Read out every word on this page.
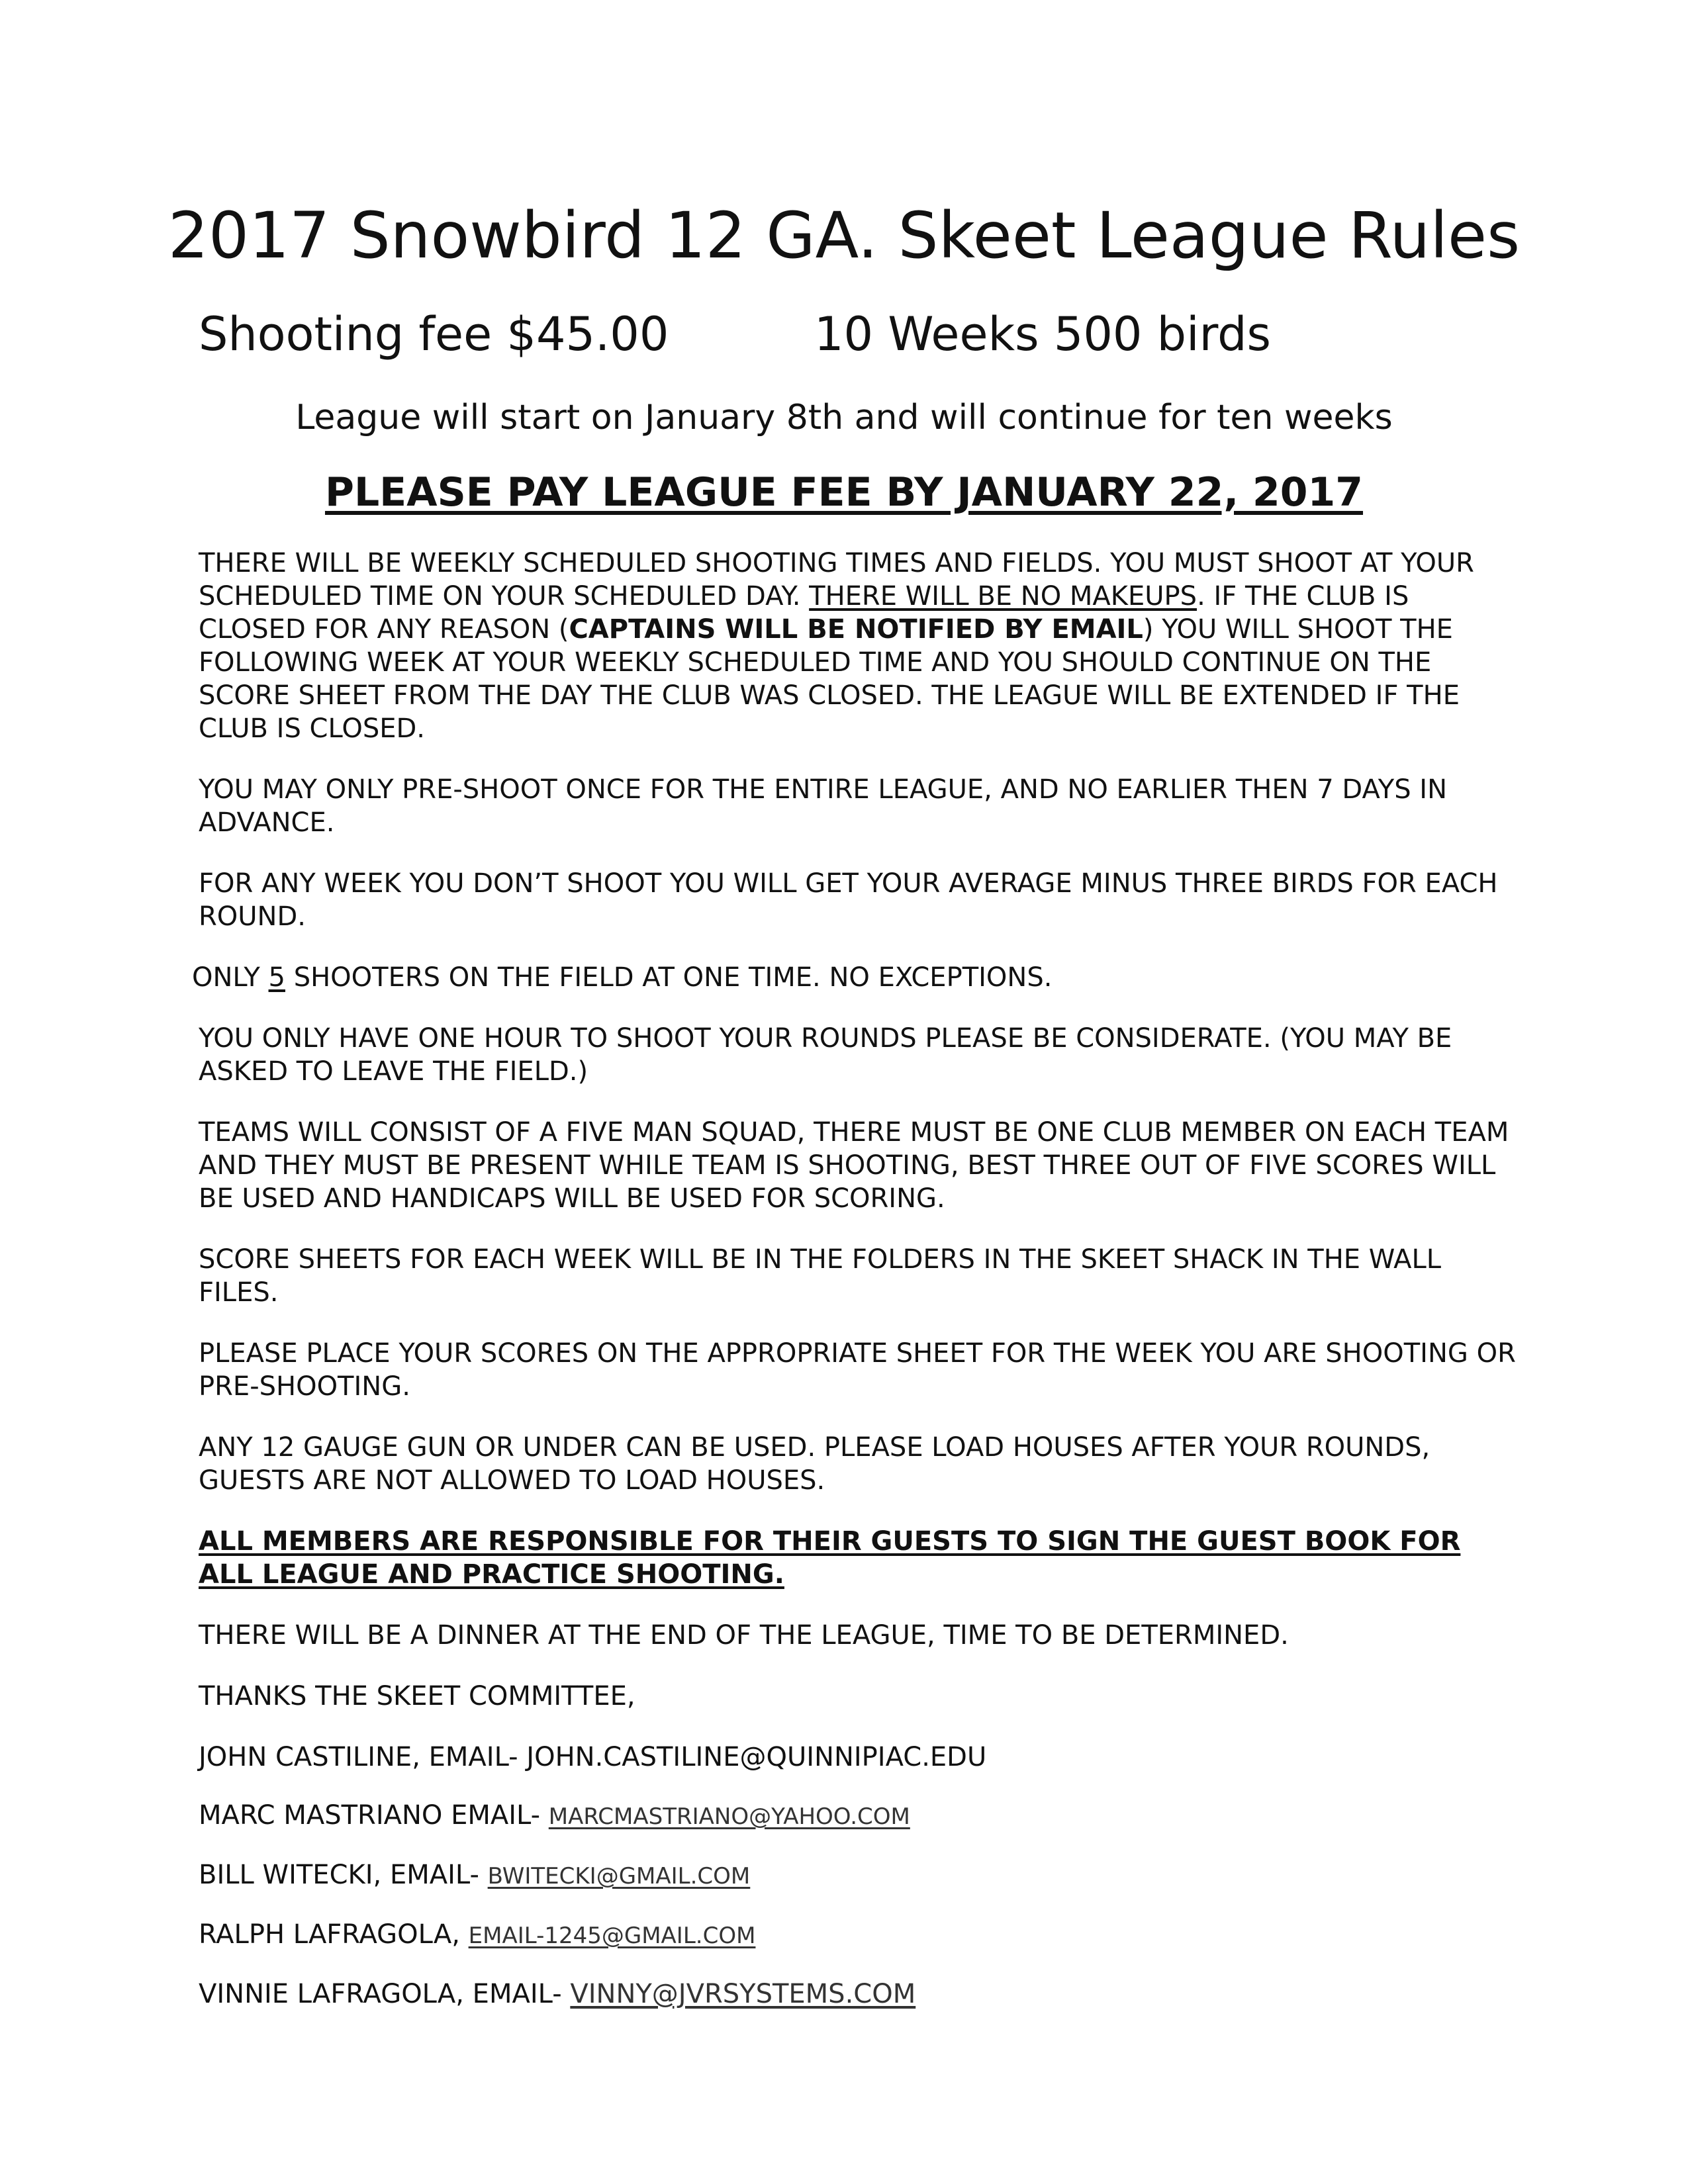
2017 Snowbird 12 GA. Skeet League Rules
Shooting fee $45.00	10 Weeks 500 birds
League will start on January 8th and will continue for ten weeks
PLEASE PAY LEAGUE FEE BY JANUARY 22, 2017

THERE WILL BE WEEKLY SCHEDULED SHOOTING TIMES AND FIELDS. YOU MUST SHOOT AT YOUR SCHEDULED TIME ON YOUR SCHEDULED DAY. THERE WILL BE NO MAKEUPS. IF THE CLUB IS CLOSED FOR ANY REASON (CAPTAINS WILL BE NOTIFIED BY EMAIL) YOU WILL SHOOT THE FOLLOWING WEEK AT YOUR WEEKLY SCHEDULED TIME AND YOU SHOULD CONTINUE ON THE SCORE SHEET FROM THE DAY THE CLUB WAS CLOSED. THE LEAGUE WILL BE EXTENDED IF THE CLUB IS CLOSED.

YOU MAY ONLY PRE-SHOOT ONCE FOR THE ENTIRE LEAGUE, AND NO EARLIER THEN 7 DAYS IN ADVANCE.

FOR ANY WEEK YOU DON’T SHOOT YOU WILL GET YOUR AVERAGE MINUS THREE BIRDS FOR EACH ROUND.

ONLY 5 SHOOTERS ON THE FIELD AT ONE TIME. NO EXCEPTIONS.

YOU ONLY HAVE ONE HOUR TO SHOOT YOUR ROUNDS PLEASE BE CONSIDERATE. (YOU MAY BE ASKED TO LEAVE THE FIELD.)

TEAMS WILL CONSIST OF A FIVE MAN SQUAD, THERE MUST BE ONE CLUB MEMBER ON EACH TEAM AND THEY MUST BE PRESENT WHILE TEAM IS SHOOTING, BEST THREE OUT OF FIVE SCORES WILL BE USED AND HANDICAPS WILL BE USED FOR SCORING.

SCORE SHEETS FOR EACH WEEK WILL BE IN THE FOLDERS IN THE SKEET SHACK IN THE WALL FILES.

PLEASE PLACE YOUR SCORES ON THE APPROPRIATE SHEET FOR THE WEEK YOU ARE SHOOTING OR PRE-SHOOTING.

ANY 12 GAUGE GUN OR UNDER CAN BE USED. PLEASE LOAD HOUSES AFTER YOUR ROUNDS, GUESTS ARE NOT ALLOWED TO LOAD HOUSES.

ALL MEMBERS ARE RESPONSIBLE FOR THEIR GUESTS TO SIGN THE GUEST BOOK FOR ALL LEAGUE AND PRACTICE SHOOTING.

THERE WILL BE A DINNER AT THE END OF THE LEAGUE, TIME TO BE DETERMINED.

THANKS THE SKEET COMMITTEE,

JOHN CASTILINE, EMAIL- JOHN.CASTILINE@QUINNIPIAC.EDU

MARC MASTRIANO EMAIL- MARCMASTRIANO@YAHOO.COM

BILL WITECKI, EMAIL- BWITECKI@GMAIL.COM

RALPH LAFRAGOLA, EMAIL-1245@GMAIL.COM

VINNIE LAFRAGOLA, EMAIL- VINNY@JVRSYSTEMS.COM
